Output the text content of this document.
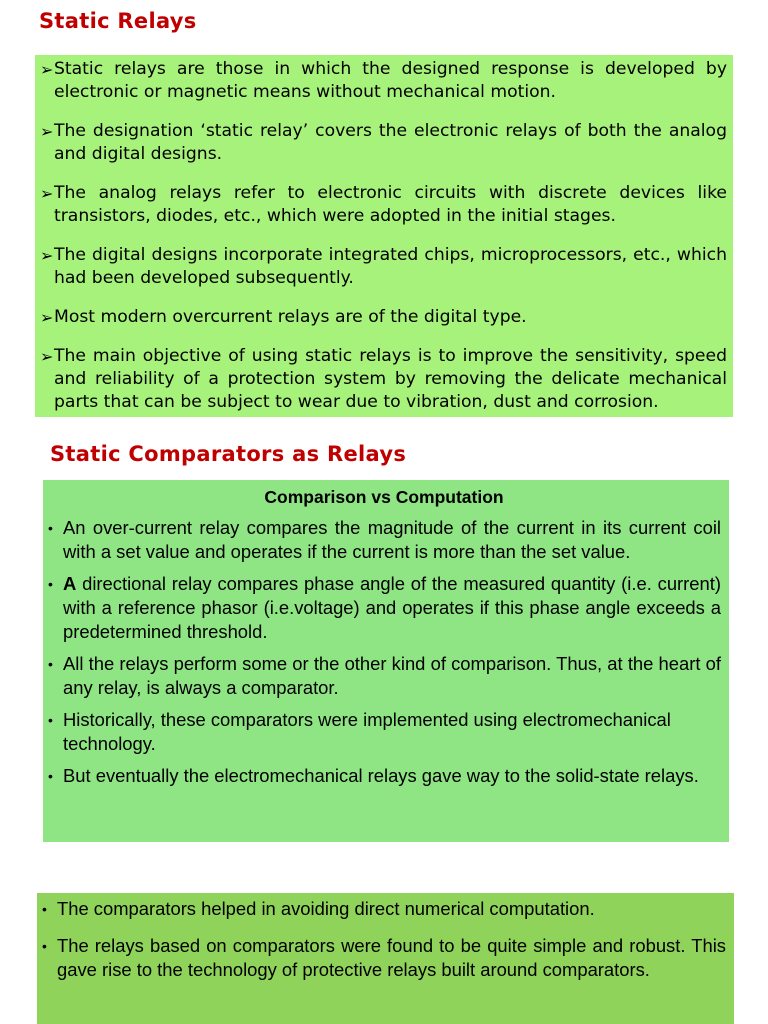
Static Relays
➢ Static relays are those in which the designed response is developed by electronic or magnetic means without mechanical motion.
➢ The designation ‘static relay’ covers the electronic relays of both the analog and digital designs.
➢ The analog relays refer to electronic circuits with discrete devices like transistors, diodes, etc., which were adopted in the initial stages.
➢ The digital designs incorporate integrated chips, microprocessors, etc., which had been developed subsequently.
➢ Most modern overcurrent relays are of the digital type.
➢ The main objective of using static relays is to improve the sensitivity, speed and reliability of a protection system by removing the delicate mechanical parts that can be subject to wear due to vibration, dust and corrosion.
Static Comparators as Relays
Comparison vs Computation
• An over-current relay compares the magnitude of the current in its current coil with a set value and operates if the current is more than the set value.
• A directional relay compares phase angle of the measured quantity (i.e. current) with a reference phasor (i.e.voltage) and operates if this phase angle exceeds a predetermined threshold.
• All the relays perform some or the other kind of comparison. Thus, at the heart of any relay, is always a comparator.
• Historically, these comparators were implemented using electromechanical technology.
• But eventually the electromechanical relays gave way to the solid-state relays.
• The comparators helped in avoiding direct numerical computation.
• The relays based on comparators were found to be quite simple and robust. This gave rise to the technology of protective relays built around comparators.
